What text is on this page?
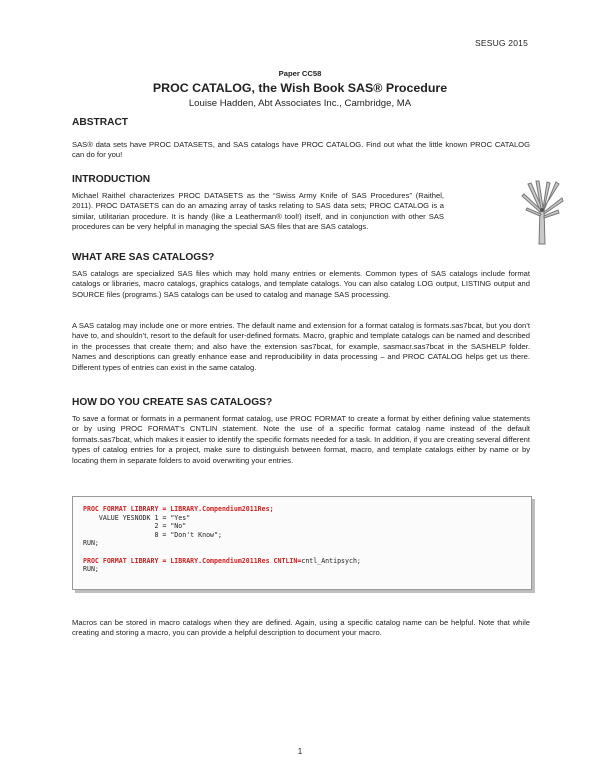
SESUG 2015
Paper CC58
PROC CATALOG, the Wish Book SAS® Procedure
Louise Hadden, Abt Associates Inc., Cambridge, MA
ABSTRACT
SAS® data sets have PROC DATASETS, and SAS catalogs have PROC CATALOG. Find out what the little known PROC CATALOG can do for you!
INTRODUCTION
Michael Raithel characterizes PROC DATASETS as the “Swiss Army Knife of SAS Procedures” (Raithel, 2011). PROC DATASETS can do an amazing array of tasks relating to SAS data sets; PROC CATALOG is a similar, utilitarian procedure. It is handy (like a Leatherman® tool!) itself, and in conjunction with other SAS procedures can be very helpful in managing the special SAS files that are SAS catalogs.
WHAT ARE SAS CATALOGS?
SAS catalogs are specialized SAS files which may hold many entries or elements. Common types of SAS catalogs include format catalogs or libraries, macro catalogs, graphics catalogs, and template catalogs. You can also catalog LOG output, LISTING output and SOURCE files (programs.) SAS catalogs can be used to catalog and manage SAS processing.
A SAS catalog may include one or more entries. The default name and extension for a format catalog is formats.sas7bcat, but you don’t have to, and shouldn’t, resort to the default for user-defined formats. Macro, graphic and template catalogs can be named and described in the processes that create them; and also have the extension sas7bcat, for example, sasmacr.sas7bcat in the SASHELP folder. Names and descriptions can greatly enhance ease and reproducibility in data processing – and PROC CATALOG helps get us there. Different types of entries can exist in the same catalog.
HOW DO YOU CREATE SAS CATALOGS?
To save a format or formats in a permanent format catalog, use PROC FORMAT to create a format by either defining value statements or by using PROC FORMAT’s CNTLIN statement. Note the use of a specific format catalog name instead of the default formats.sas7bcat, which makes it easier to identify the specific formats needed for a task. In addition, if you are creating several different types of catalog entries for a project, make sure to distinguish between format, macro, and template catalogs either by name or by locating them in separate folders to avoid overwriting your entries.
PROC FORMAT LIBRARY = LIBRARY.Compendium2011Res;
VALUE YESNODK 1 = "Yes"
2 = "No"
8 = "Don't Know";
RUN;

PROC FORMAT LIBRARY = LIBRARY.Compendium2011Res CNTLIN=cntl_Antipsych;
RUN;
Macros can be stored in macro catalogs when they are defined. Again, using a specific catalog name can be helpful. Note that while creating and storing a macro, you can provide a helpful description to document your macro.
1
